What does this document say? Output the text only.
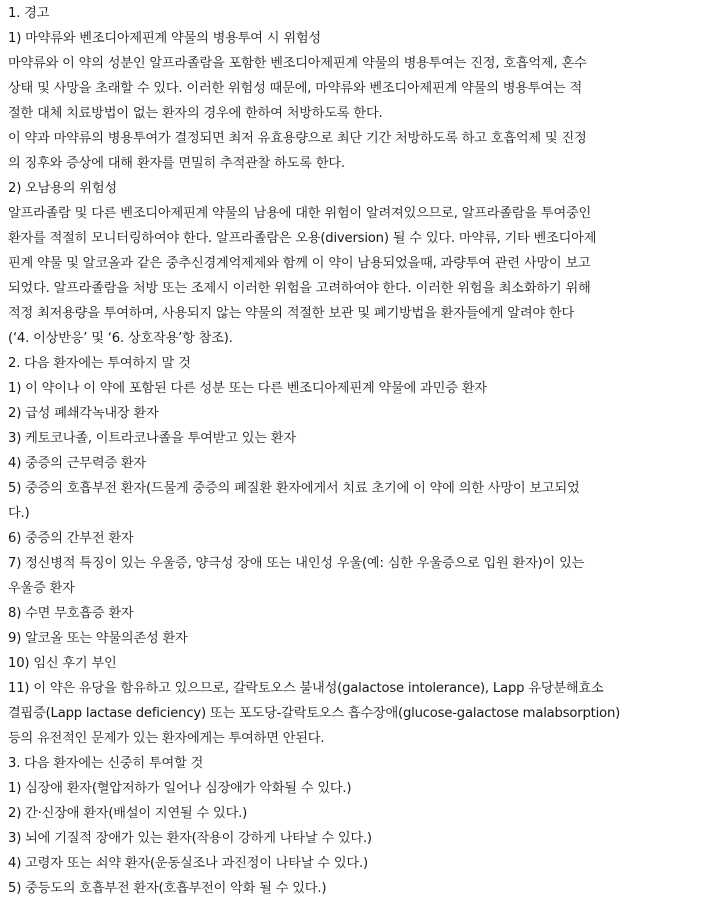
1. 경고
1) 마약류와 벤조디아제핀계 약물의 병용투여 시 위험성
마약류와 이 약의 성분인 알프라졸람을 포함한 벤조디아제핀계 약물의 병용투여는 진정, 호흡억제, 혼수
상태 및 사망을 초래할 수 있다. 이러한 위험성 때문에, 마약류와 벤조디아제핀계 약물의 병용투여는 적
절한 대체 치료방법이 없는 환자의 경우에 한하여 처방하도록 한다.
이 약과 마약류의 병용투여가 결정되면 최저 유효용량으로 최단 기간 처방하도록 하고 호흡억제 및 진정
의 징후와 증상에 대해 환자를 면밀히 추적관찰 하도록 한다.
2) 오남용의 위험성
알프라졸람 및 다른 벤조디아제핀계 약물의 남용에 대한 위험이 알려져있으므로, 알프라졸람을 투여중인
환자를 적절히 모니터링하여야 한다. 알프라졸람은 오용(diversion) 될 수 있다. 마약류, 기타 벤조디아제
핀계 약물 및 알코올과 같은 중추신경계억제제와 함께 이 약이 남용되었을때, 과량투여 관련 사망이 보고
되었다. 알프라졸람을 처방 또는 조제시 이러한 위험을 고려하여야 한다. 이러한 위험을 최소화하기 위해
적정 최저용량을 투여하며, 사용되지 않는 약물의 적절한 보관 및 폐기방법을 환자들에게 알려야 한다
(‘4. 이상반응’ 및 ‘6. 상호작용’항 참조).
2. 다음 환자에는 투여하지 말 것
1) 이 약이나 이 약에 포함된 다른 성분 또는 다른 벤조디아제핀계 약물에 과민증 환자
2) 급성 폐쇄각녹내장 환자
3) 케토코나졸, 이트라코나졸을 투여받고 있는 환자
4) 중증의 근무력증 환자
5) 중증의 호흡부전 환자(드물게 중증의 폐질환 환자에게서 치료 초기에 이 약에 의한 사망이 보고되었
다.)
6) 중증의 간부전 환자
7) 정신병적 특징이 있는 우울증, 양극성 장애 또는 내인성 우울(예: 심한 우울증으로 입원 환자)이 있는
우울증 환자
8) 수면 무호흡증 환자
9) 알코올 또는 약물의존성 환자
10) 임신 후기 부인
11) 이 약은 유당을 함유하고 있으므로, 갈락토오스 불내성(galactose intolerance), Lapp 유당분해효소
결핍증(Lapp lactase deficiency) 또는 포도당-갈락토오스 흡수장애(glucose-galactose malabsorption)
등의 유전적인 문제가 있는 환자에게는 투여하면 안된다.
3. 다음 환자에는 신중히 투여할 것
1) 심장애 환자(혈압저하가 일어나 심장애가 악화될 수 있다.)
2) 간·신장애 환자(배설이 지연될 수 있다.)
3) 뇌에 기질적 장애가 있는 환자(작용이 강하게 나타날 수 있다.)
4) 고령자 또는 쇠약 환자(운동실조나 과진정이 나타날 수 있다.)
5) 중등도의 호흡부전 환자(호흡부전이 악화 될 수 있다.)
